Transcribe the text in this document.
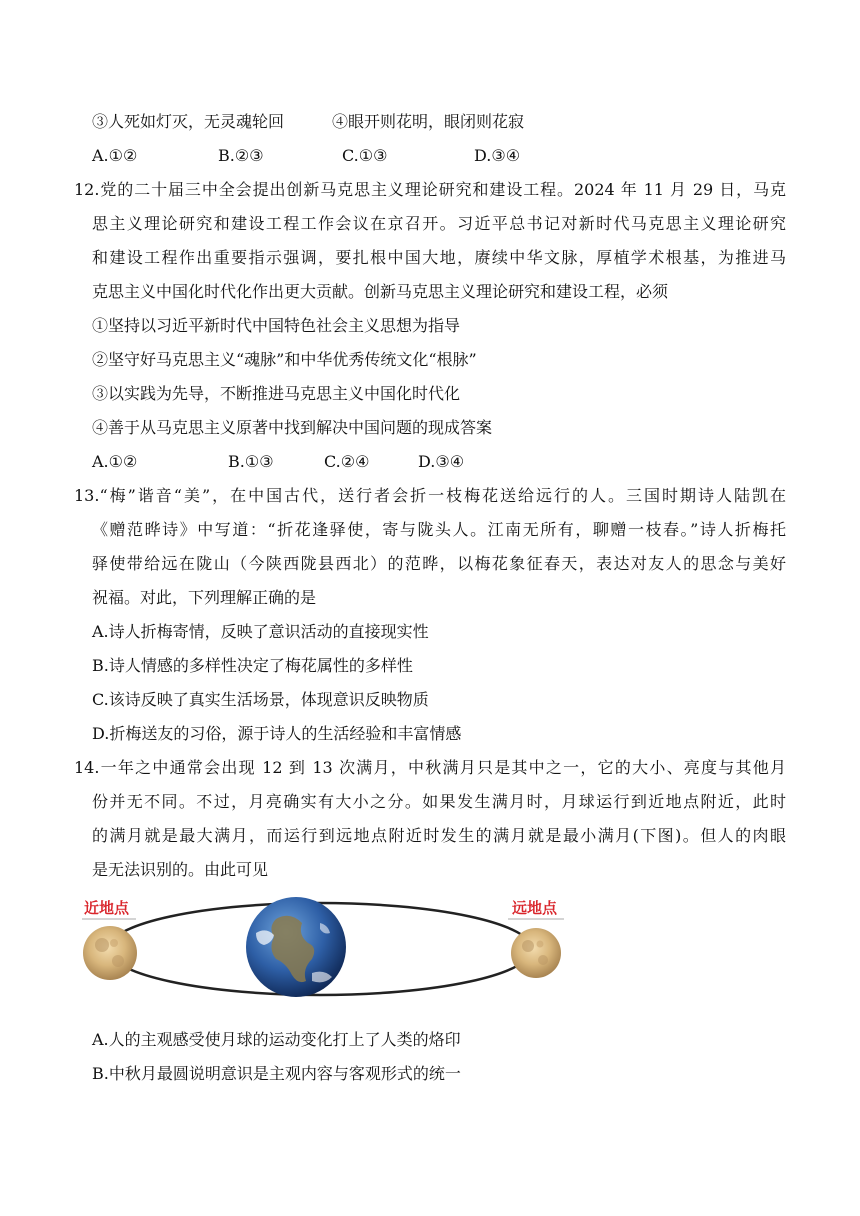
③人死如灯灭，无灵魂轮回　　　④眼开则花明，眼闭则花寂
A.①②	B.②③	C.①③	D.③④
12.党的二十届三中全会提出创新马克思主义理论研究和建设工程。2024 年 11 月 29 日，马克
思主义理论研究和建设工程工作会议在京召开。习近平总书记对新时代马克思主义理论研究
和建设工程作出重要指示强调，要扎根中国大地，赓续中华文脉，厚植学术根基，为推进马
克思主义中国化时代化作出更大贡献。创新马克思主义理论研究和建设工程，必须
①坚持以习近平新时代中国特色社会主义思想为指导
②坚守好马克思主义“魂脉”和中华优秀传统文化“根脉”
③以实践为先导，不断推进马克思主义中国化时代化
④善于从马克思主义原著中找到解决中国问题的现成答案
A.①②	B.①③	C.②④	D.③④
13.“梅”谐音“美”，在中国古代，送行者会折一枝梅花送给远行的人。三国时期诗人陆凯在
《赠范晔诗》中写道：“折花逢驿使，寄与陇头人。江南无所有，聊赠一枝春。”诗人折梅托
驿使带给远在陇山（今陕西陇县西北）的范晔，以梅花象征春天，表达对友人的思念与美好
祝福。对此，下列理解正确的是
A.诗人折梅寄情，反映了意识活动的直接现实性
B.诗人情感的多样性决定了梅花属性的多样性
C.该诗反映了真实生活场景，体现意识反映物质
D.折梅送友的习俗，源于诗人的生活经验和丰富情感
14.一年之中通常会出现 12 到 13 次满月，中秋满月只是其中之一，它的大小、亮度与其他月
份并无不同。不过，月亮确实有大小之分。如果发生满月时，月球运行到近地点附近，此时
的满月就是最大满月，而运行到远地点附近时发生的满月就是最小满月(下图)。但人的肉眼
是无法识别的。由此可见
近地点	远地点
A.人的主观感受使月球的运动变化打上了人类的烙印
B.中秋月最圆说明意识是主观内容与客观形式的统一
